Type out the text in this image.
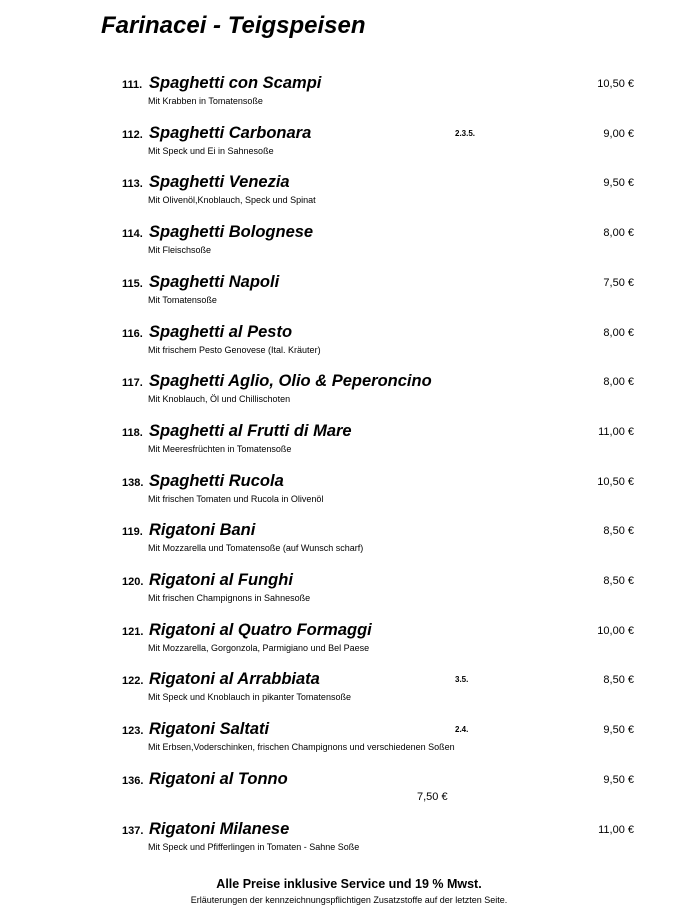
Farinacei - Teigspeisen
111. Spaghetti con Scampi	10,50 €
Mit Krabben in Tomatensoße
112. Spaghetti Carbonara	2.3.5.	9,00 €
Mit Speck und Ei in Sahnesoße
113. Spaghetti Venezia	9,50 €
Mit Olivenöl,Knoblauch, Speck und Spinat
114. Spaghetti Bolognese	8,00 €
Mit Fleischsoße
115. Spaghetti Napoli	7,50 €
Mit Tomatensoße
116. Spaghetti al Pesto	8,00 €
Mit frischem Pesto Genovese (Ital. Kräuter)
117. Spaghetti Aglio, Olio & Peperoncino	8,00 €
Mit Knoblauch, Öl und Chillischoten
118. Spaghetti al Frutti di Mare	11,00 €
Mit Meeresfrüchten in Tomatensoße
138. Spaghetti Rucola	10,50 €
Mit frischen Tomaten und Rucola in Olivenöl
119. Rigatoni Bani	8,50 €
Mit Mozzarella und Tomatensoße (auf Wunsch scharf)
120. Rigatoni al Funghi	8,50 €
Mit frischen Champignons in Sahnesoße
121. Rigatoni al Quatro Formaggi	10,00 €
Mit Mozzarella, Gorgonzola, Parmigiano und Bel Paese
122. Rigatoni al Arrabbiata	3.5.	8,50 €
Mit Speck und Knoblauch in pikanter Tomatensoße
123. Rigatoni Saltati	2.4.	9,50 €
Mit Erbsen,Voderschinken, frischen Champignons und verschiedenen Soßen
136. Rigatoni al Tonno	9,50 €
7,50 €
137. Rigatoni Milanese	11,00 €
Mit Speck und Pfifferlingen in Tomaten - Sahne Soße
Alle Preise inklusive Service und 19 % Mwst.
Erläuterungen der kennzeichnungspflichtigen Zusatzstoffe auf der letzten Seite.
